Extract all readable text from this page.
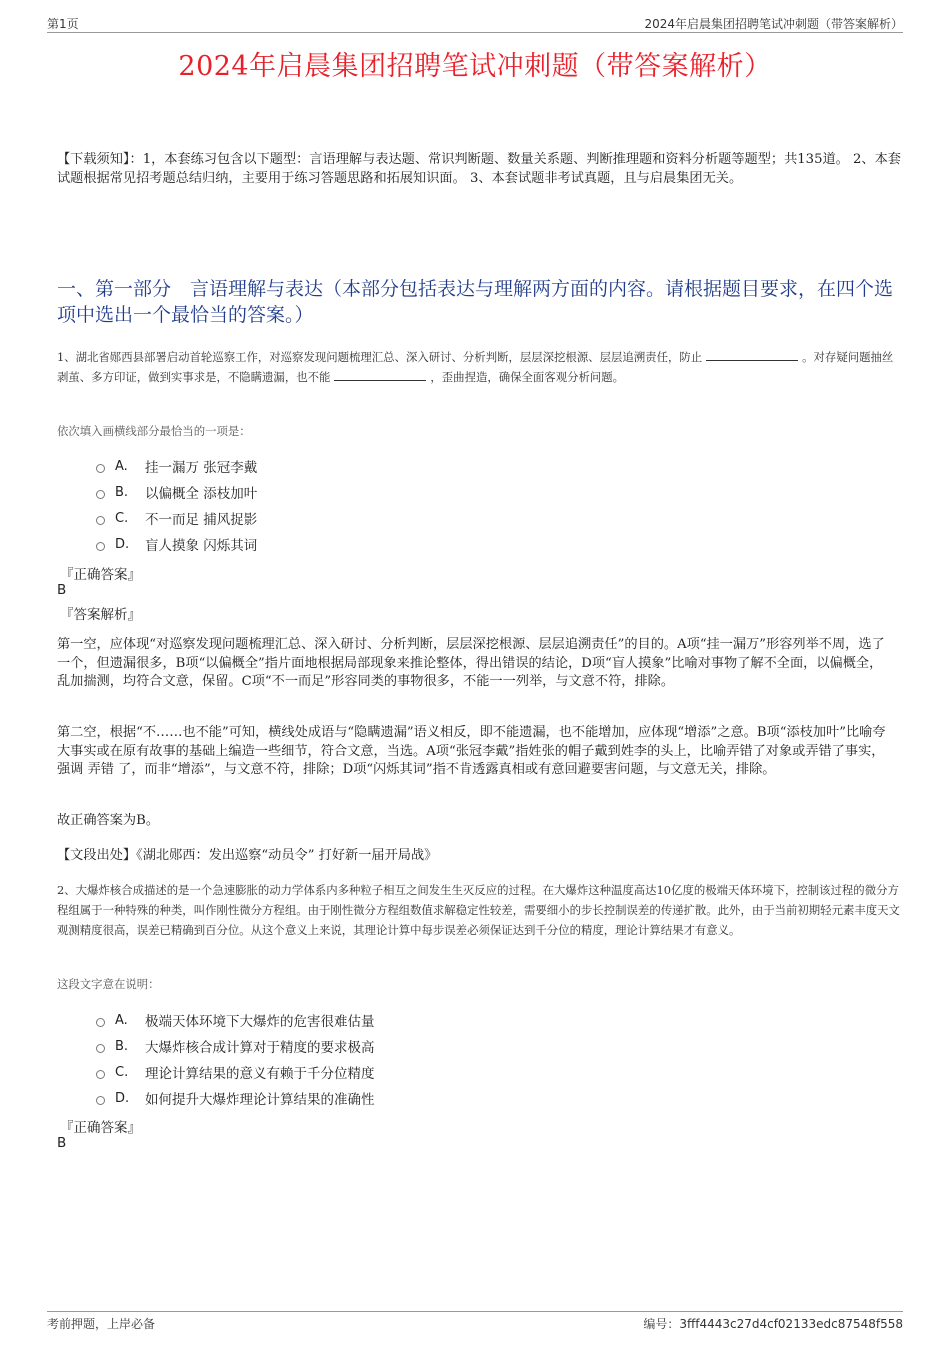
第1页	2024年启晨集团招聘笔试冲刺题（带答案解析）
2024年启晨集团招聘笔试冲刺题（带答案解析）
【下载须知】：1，本套练习包含以下题型：言语理解与表达题、常识判断题、数量关系题、判断推理题和资料分析题等题型；共135道。 2、本套试题根据常见招考题总结归纳，主要用于练习答题思路和拓展知识面。 3、本套试题非考试真题，且与启晨集团无关。
一、第一部分　言语理解与表达（本部分包括表达与理解两方面的内容。请根据题目要求，在四个选项中选出一个最恰当的答案。）
1、湖北省郧西县部署启动首轮巡察工作，对巡察发现问题梳理汇总、深入研讨、分析判断，层层深挖根源、层层追溯责任，防止	。对存疑问题抽丝剥茧、多方印证，做到实事求是，不隐瞒遗漏，也不能	，歪曲捏造，确保全面客观分析问题。
依次填入画横线部分最恰当的一项是：
A.	挂一漏万 张冠李戴
B.	以偏概全 添枝加叶
C.	不一而足 捕风捉影
D.	盲人摸象 闪烁其词
『正确答案』
B
『答案解析』
第一空，应体现“对巡察发现问题梳理汇总、深入研讨、分析判断，层层深挖根源、层层追溯责任”的目的。A项“挂一漏万”形容列举不周，选了一个，但遗漏很多，B项“以偏概全”指片面地根据局部现象来推论整体，得出错误的结论，D项“盲人摸象”比喻对事物了解不全面，以偏概全，乱加揣测，均符合文意，保留。C项“不一而足”形容同类的事物很多，不能一一列举，与文意不符，排除。
第二空，根据“不……也不能”可知，横线处成语与“隐瞒遗漏”语义相反，即不能遗漏，也不能增加，应体现“增添”之意。B项“添枝加叶”比喻夸大事实或在原有故事的基础上编造一些细节，符合文意，当选。A项“张冠李戴”指姓张的帽子戴到姓李的头上，比喻弄错了对象或弄错了事实，强调 弄错 了，而非“增添”，与文意不符，排除；D项“闪烁其词”指不肯透露真相或有意回避要害问题，与文意无关，排除。
故正确答案为B。
【文段出处】《湖北郧西：发出巡察“动员令” 打好新一届开局战》
2、大爆炸核合成描述的是一个急速膨胀的动力学体系内多种粒子相互之间发生生灭反应的过程。在大爆炸这种温度高达10亿度的极端天体环境下，控制该过程的微分方程组属于一种特殊的种类，叫作刚性微分方程组。由于刚性微分方程组数值求解稳定性较差，需要细小的步长控制误差的传递扩散。此外，由于当前初期轻元素丰度天文观测精度很高，误差已精确到百分位。从这个意义上来说，其理论计算中每步误差必须保证达到千分位的精度，理论计算结果才有意义。
这段文字意在说明：
A.	极端天体环境下大爆炸的危害很难估量
B.	大爆炸核合成计算对于精度的要求极高
C.	理论计算结果的意义有赖于千分位精度
D.	如何提升大爆炸理论计算结果的准确性
『正确答案』
B
考前押题，上岸必备	编号：3fff4443c27d4cf02133edc87548f558
